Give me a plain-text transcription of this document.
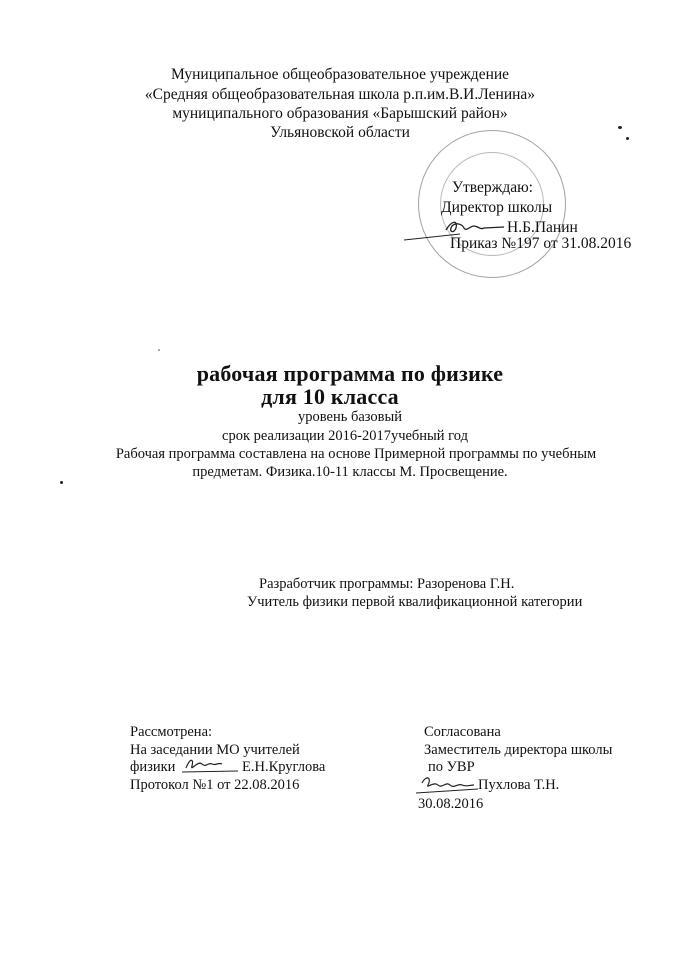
Муниципальное общеобразовательное учреждение
«Средняя общеобразовательная школа р.п.им.В.И.Ленина»
муниципального образования «Барышский район»
Ульяновской области
Утверждаю:
Директор школы
Н.Б.Панин
Приказ №197 от 31.08.2016
рабочая программа по физике
для 10 класса
уровень базовый
срок реализации 2016-2017учебный год
Рабочая программа составлена на основе Примерной программы по учебным
предметам. Физика.10-11 классы М. Просвещение.
Разработчик программы: Разоренова Г.Н.
Учитель физики первой квалификационной категории
Рассмотрена:
На заседании МО учителей
физики	Е.Н.Круглова
Протокол №1 от 22.08.2016
Согласована
Заместитель директора школы
по УВР
Пухлова Т.Н.
30.08.2016
